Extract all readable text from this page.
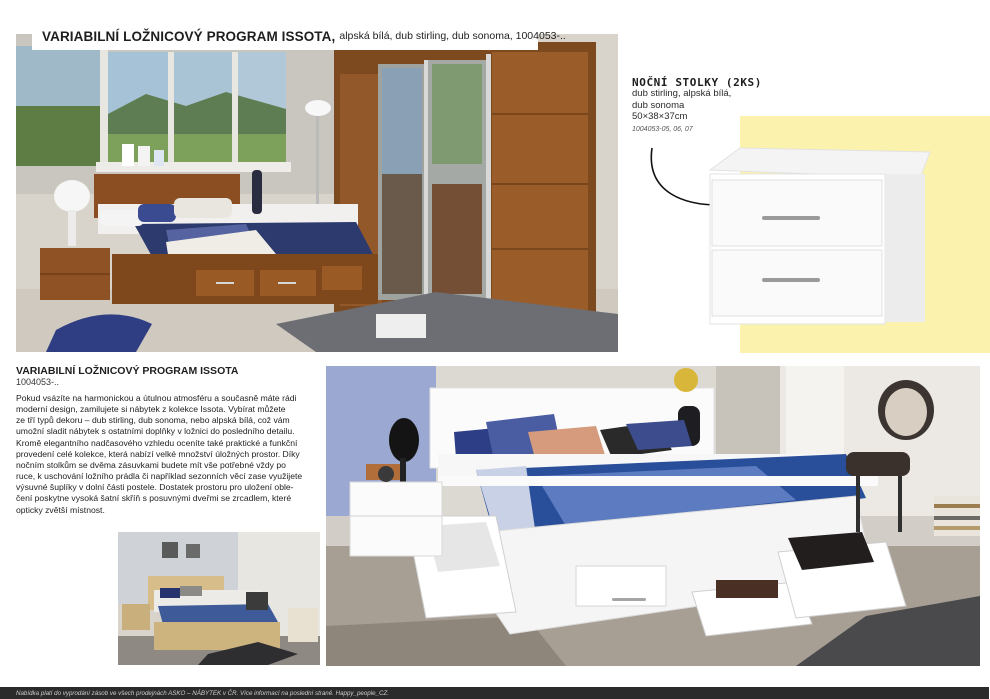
VARIABILNÍ LOŽNICOVÝ PROGRAM ISSOTA, alpská bílá, dub stirling, dub sonoma, 1004053-..
NOČNÍ STOLKY (2KS)
dub stirling, alpská bílá,
dub sonoma
50×38×37cm
1004053-05, 06, 07
VARIABILNÍ LOŽNICOVÝ PROGRAM ISSOTA
1004053-..
Pokud vsázíte na harmonickou a útulnou atmosféru a současně máte rádi
moderní design, zamilujete si nábytek z kolekce Issota. Vybírat můžete
ze tří typů dekoru – dub stirling, dub sonoma, nebo alpská bílá, což vám
umožní sladit nábytek s ostatními doplňky v ložnici do posledního detailu.
Kromě elegantního nadčasového vzhledu oceníte také praktické a funkční
provedení celé kolekce, která nabízí velké množství úložných prostor. Díky
nočním stolkům se dvěma zásuvkami budete mít vše potřebné vždy po
ruce, k uschování ložního prádla či například sezonních věcí zase využijete
výsuvné šuplíky v dolní části postele. Dostatek prostoru pro uložení oble-
čení poskytne vysoká šatní skříň s posuvnými dveřmi se zrcadlem, které
opticky zvětší místnost.
Nabídka platí do vyprodání zásob ve všech prodejnách ASKO – NÁBYTEK v ČR. Více informací na poslední straně. Happy_people_CZ.
